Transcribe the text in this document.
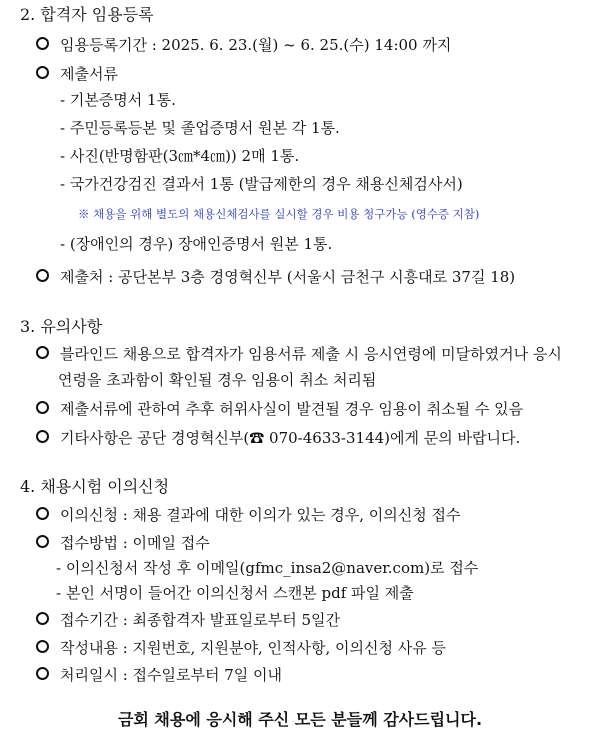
2. 합격자 임용등록
임용등록기간 : 2025. 6. 23.(월) ~ 6. 25.(수) 14:00 까지
제출서류
- 기본증명서 1통.
- 주민등록등본 및 졸업증명서 원본 각 1통.
- 사진(반명함판(3㎝*4㎝)) 2매 1통.
- 국가건강검진 결과서 1통 (발급제한의 경우 채용신체검사서)
※ 채용을 위해 별도의 채용신체검사를 실시할 경우 비용 청구가능 (영수증 지참)
- (장애인의 경우) 장애인증명서 원본 1통.
제출처 : 공단본부 3층 경영혁신부 (서울시 금천구 시흥대로 37길 18)
3. 유의사항
블라인드 채용으로 합격자가 임용서류 제출 시 응시연령에 미달하였거나 응시
연령을 초과함이 확인될 경우 임용이 취소 처리됨
제출서류에 관하여 추후 허위사실이 발견될 경우 임용이 취소될 수 있음
기타사항은 공단 경영혁신부(☎ 070-4633-3144)에게 문의 바랍니다.
4. 채용시험 이의신청
이의신청 : 채용 결과에 대한 이의가 있는 경우, 이의신청 접수
접수방법 : 이메일 접수
- 이의신청서 작성 후 이메일(gfmc_insa2@naver.com)로 접수
- 본인 서명이 들어간 이의신청서 스캔본 pdf 파일 제출
접수기간 : 최종합격자 발표일로부터 5일간
작성내용 : 지원번호, 지원분야, 인적사항, 이의신청 사유 등
처리일시 : 접수일로부터 7일 이내
금회 채용에 응시해 주신 모든 분들께 감사드립니다.
